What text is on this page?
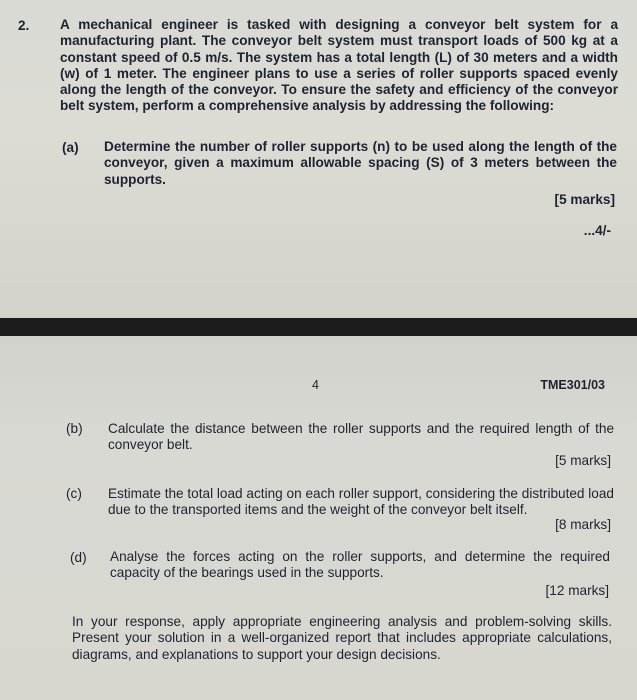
2. A mechanical engineer is tasked with designing a conveyor belt system for a manufacturing plant. The conveyor belt system must transport loads of 500 kg at a constant speed of 0.5 m/s. The system has a total length (L) of 30 meters and a width (w) of 1 meter. The engineer plans to use a series of roller supports spaced evenly along the length of the conveyor. To ensure the safety and efficiency of the conveyor belt system, perform a comprehensive analysis by addressing the following:

(a) Determine the number of roller supports (n) to be used along the length of the conveyor, given a maximum allowable spacing (S) of 3 meters between the supports.

[5 marks]

...4/-

4	TME301/03

(b) Calculate the distance between the roller supports and the required length of the conveyor belt.

[5 marks]

(c) Estimate the total load acting on each roller support, considering the distributed load due to the transported items and the weight of the conveyor belt itself.

[8 marks]

(d) Analyse the forces acting on the roller supports, and determine the required capacity of the bearings used in the supports.

[12 marks]

In your response, apply appropriate engineering analysis and problem-solving skills. Present your solution in a well-organized report that includes appropriate calculations, diagrams, and explanations to support your design decisions.
